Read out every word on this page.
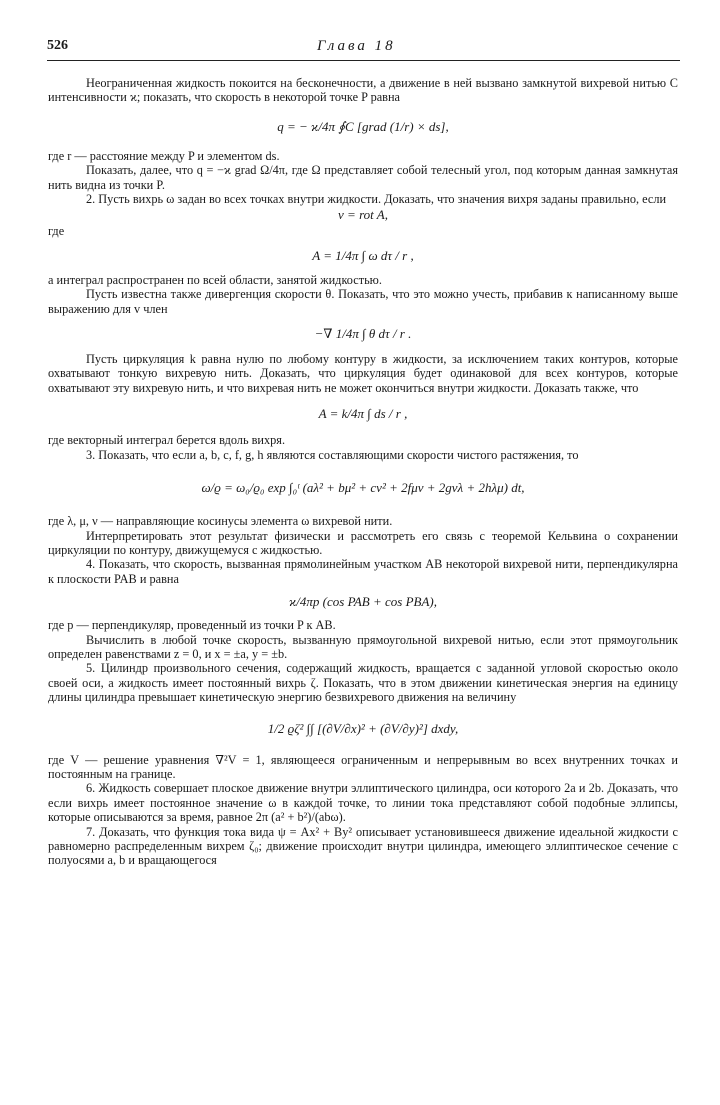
526	Глава 18
Неограниченная жидкость покоится на бесконечности, а движение в ней вызвано замкнутой вихревой нитью C интенсивности ϰ; показать, что скорость в некоторой точке P равна
q = − ϰ/4π ∮C [grad (1/r) × ds],
где r — расстояние между P и элементом ds.
Показать, далее, что q = −ϰ grad Ω/4π, где Ω представляет собой телесный угол, под которым данная замкнутая нить видна из точки P.
2. Пусть вихрь ω задан во всех точках внутри жидкости. Доказать, что значения вихря заданы правильно, если
v = rot A,
где
A = 1/4π ∫ ω dτ / r ,
а интеграл распространен по всей области, занятой жидкостью.
Пусть известна также дивергенция скорости θ. Показать, что это можно учесть, прибавив к написанному выше выражению для v член
−∇ 1/4π ∫ θ dτ / r .
Пусть циркуляция k равна нулю по любому контуру в жидкости, за исключением таких контуров, которые охватывают тонкую вихревую нить. Доказать, что циркуляция будет одинаковой для всех контуров, которые охватывают эту вихревую нить, и что вихревая нить не может окончиться внутри жидкости. Доказать также, что
A = k/4π ∫ ds / r ,
где векторный интеграл берется вдоль вихря.
3. Показать, что если a, b, c, f, g, h являются составляющими скорости чистого растяжения, то
ω/ϱ = ω₀/ϱ₀ exp ∫₀ᵗ (aλ² + bμ² + cν² + 2fμν + 2gνλ + 2hλμ) dt,
где λ, μ, ν — направляющие косинусы элемента ω вихревой нити.
Интерпретировать этот результат физически и рассмотреть его связь с теоремой Кельвина о сохранении циркуляции по контуру, движущемуся с жидкостью.
4. Показать, что скорость, вызванная прямолинейным участком AB некоторой вихревой нити, перпендикулярна к плоскости PAB и равна
ϰ/4πp (cos PAB + cos PBA),
где p — перпендикуляр, проведенный из точки P к AB.
Вычислить в любой точке скорость, вызванную прямоугольной вихревой нитью, если этот прямоугольник определен равенствами z = 0, и x = ±a, y = ±b.
5. Цилиндр произвольного сечения, содержащий жидкость, вращается с заданной угловой скоростью около своей оси, а жидкость имеет постоянный вихрь ζ. Показать, что в этом движении кинетическая энергия на единицу длины цилиндра превышает кинетическую энергию безвихревого движения на величину
1/2 ϱζ² ∫∫ [(∂V/∂x)² + (∂V/∂y)²] dxdy,
где V — решение уравнения ∇²V = 1, являющееся ограниченным и непрерывным во всех внутренних точках и постоянным на границе.
6. Жидкость совершает плоское движение внутри эллиптического цилиндра, оси которого 2a и 2b. Доказать, что если вихрь имеет постоянное значение ω в каждой точке, то линии тока представляют собой подобные эллипсы, которые описываются за время, равное 2π (a² + b²)/(abω).
7. Доказать, что функция тока вида ψ = Ax² + By² описывает установившееся движение идеальной жидкости с равномерно распределенным вихрем ζ₀; движение происходит внутри цилиндра, имеющего эллиптическое сечение с полуосями a, b и вращающегося
